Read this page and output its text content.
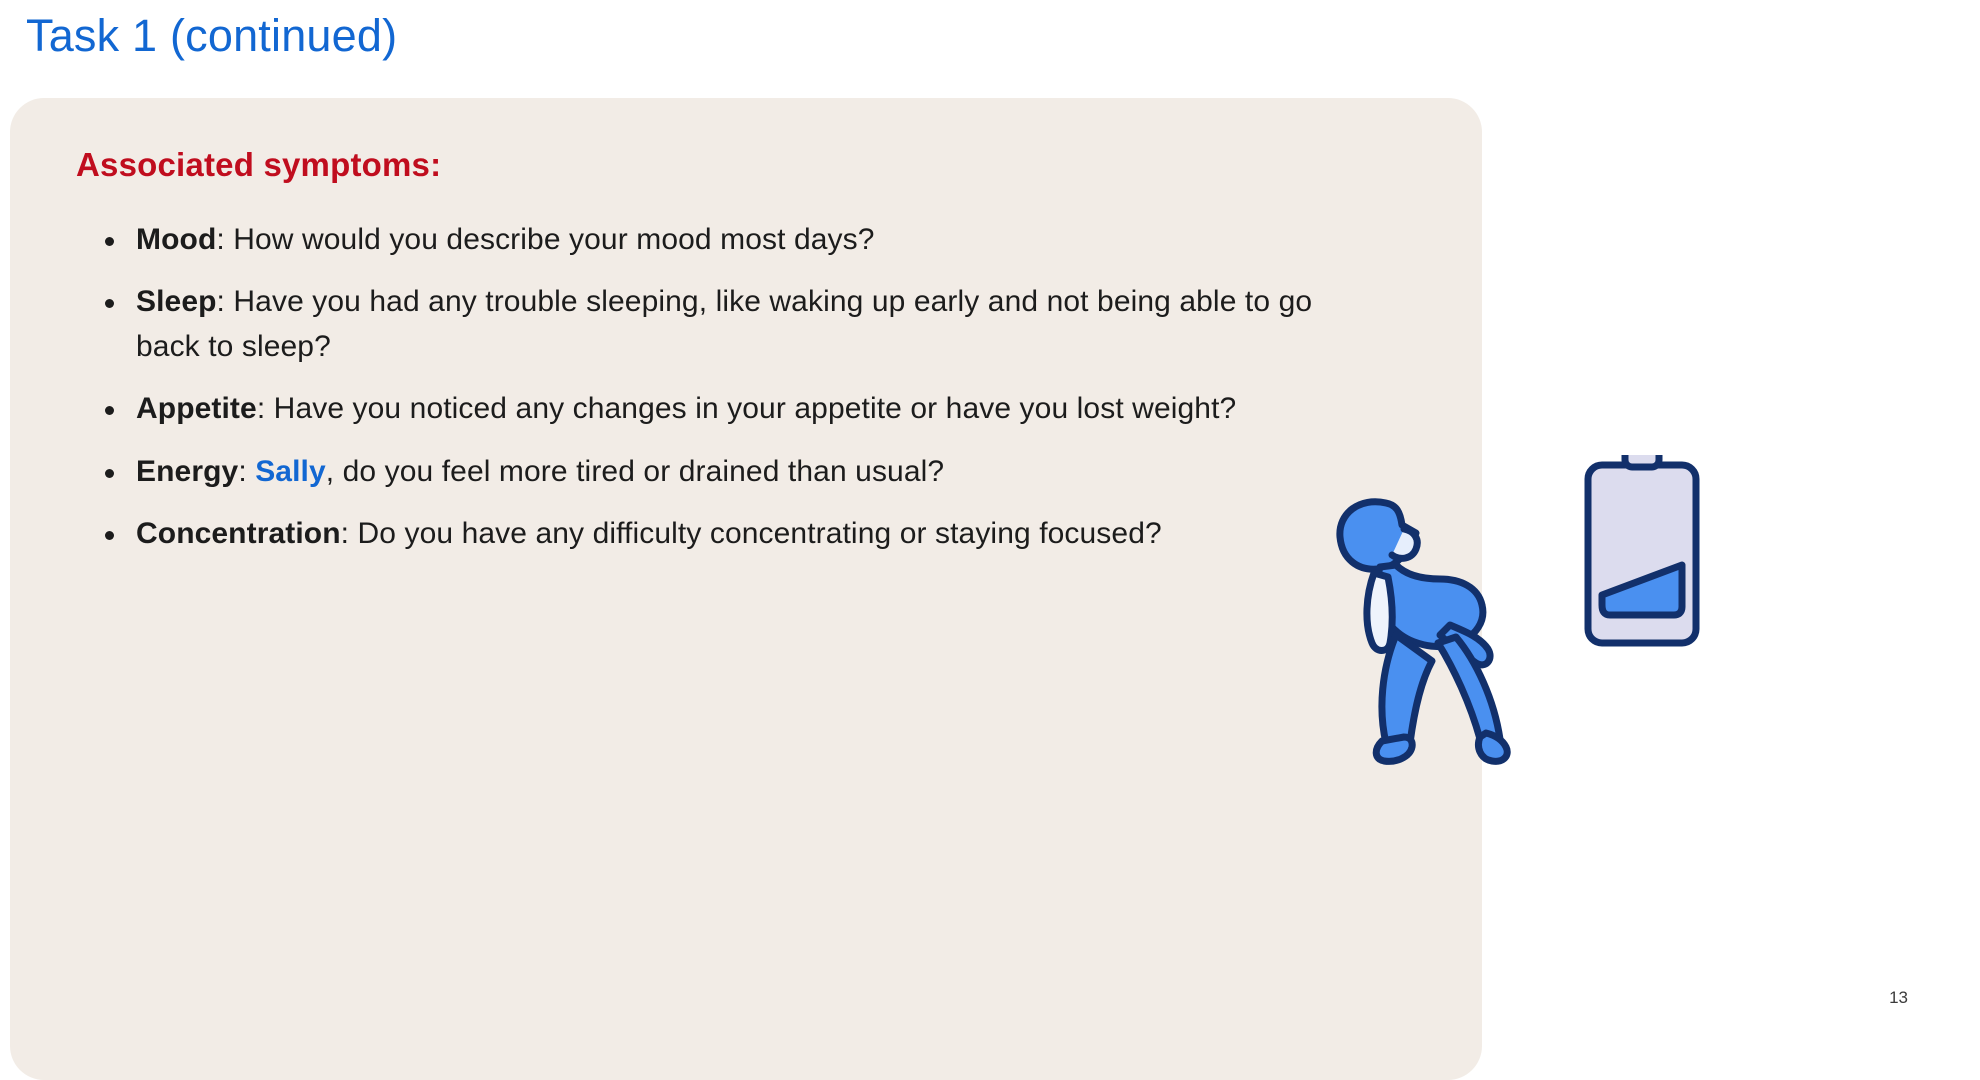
Task 1 (continued)
Associated symptoms:
Mood: How would you describe your mood most days?
Sleep: Have you had any trouble sleeping, like waking up early and not being able to go back to sleep?
Appetite: Have you noticed any changes in your appetite or have you lost weight?
Energy: Sally, do you feel more tired or drained than usual?
Concentration: Do you have any difficulty concentrating or staying focused?
13
